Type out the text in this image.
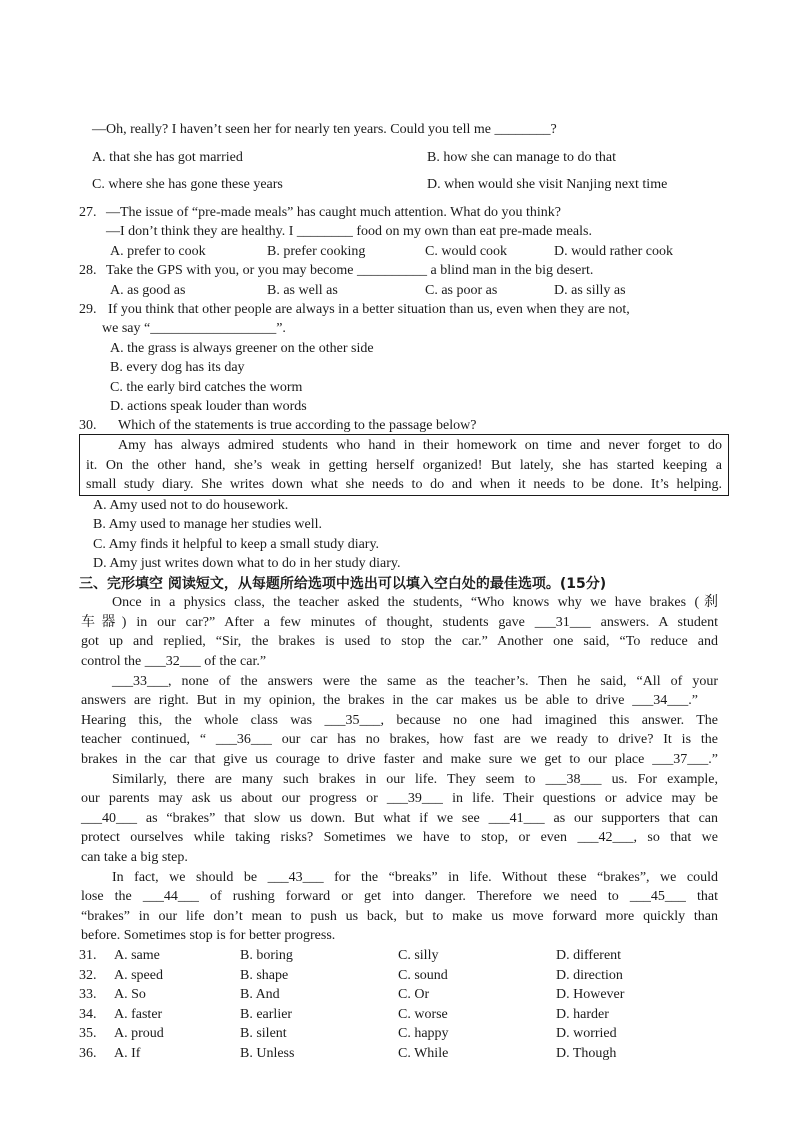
—Oh, really? I haven’t seen her for nearly ten years. Could you tell me ________?
A. that she has got married	B. how she can manage to do that
C. where she has gone these years	D. when would she visit Nanjing next time
27. —The issue of “pre-made meals” has caught much attention. What do you think?
—I don’t think they are healthy. I ________ food on my own than eat pre-made meals.
A. prefer to cook	B. prefer cooking	C. would cook	D. would rather cook
28. Take the GPS with you, or you may become __________ a blind man in the big desert.
A. as good as	B. as well as	C. as poor as	D. as silly as
29. If you think that other people are always in a better situation than us, even when they are not,
we say “__________________”.
A. the grass is always greener on the other side
B. every dog has its day
C. the early bird catches the worm
D. actions speak louder than words
30. Which of the statements is true according to the passage below?
Amy has always admired students who hand in their homework on time and never forget to do
it. On the other hand, she’s weak in getting herself organized! But lately, she has started keeping a
small study diary. She writes down what she needs to do and when it needs to be done. It’s helping.
A. Amy used not to do housework.
B. Amy used to manage her studies well.
C. Amy finds it helpful to keep a small study diary.
D. Amy just writes down what to do in her study diary.
三、完形填空 阅读短文，从每题所给选项中选出可以填入空白处的最佳选项。(15分)
Once in a physics class, the teacher asked the students, “Who knows why we have brakes (刹
车器) in our car?” After a few minutes of thought, students gave ___31___ answers. A student
got up and replied, “Sir, the brakes is used to stop the car.” Another one said, “To reduce and
control the ___32___ of the car.”
___33___, none of the answers were the same as the teacher’s. Then he said, “All of your
answers are right. But in my opinion, the brakes in the car makes us be able to drive ___34___.”
Hearing this, the whole class was ___35___, because no one had imagined this answer. The
teacher continued, “ ___36___ our car has no brakes, how fast are we ready to drive? It is the
brakes in the car that give us courage to drive faster and make sure we get to our place ___37___.”
Similarly, there are many such brakes in our life. They seem to ___38___ us. For example,
our parents may ask us about our progress or ___39___ in life. Their questions or advice may be
___40___ as “brakes” that slow us down. But what if we see ___41___ as our supporters that can
protect ourselves while taking risks? Sometimes we have to stop, or even ___42___, so that we
can take a big step.
In fact, we should be ___43___ for the “breaks” in life. Without these “brakes”, we could
lose the ___44___ of rushing forward or get into danger. Therefore we need to ___45___ that
“brakes” in our life don’t mean to push us back, but to make us move forward more quickly than
before. Sometimes stop is for better progress.
31. A. same	B. boring	C. silly	D. different
32. A. speed	B. shape	C. sound	D. direction
33. A. So	B. And	C. Or	D. However
34. A. faster	B. earlier	C. worse	D. harder
35. A. proud	B. silent	C. happy	D. worried
36. A. If	B. Unless	C. While	D. Though
